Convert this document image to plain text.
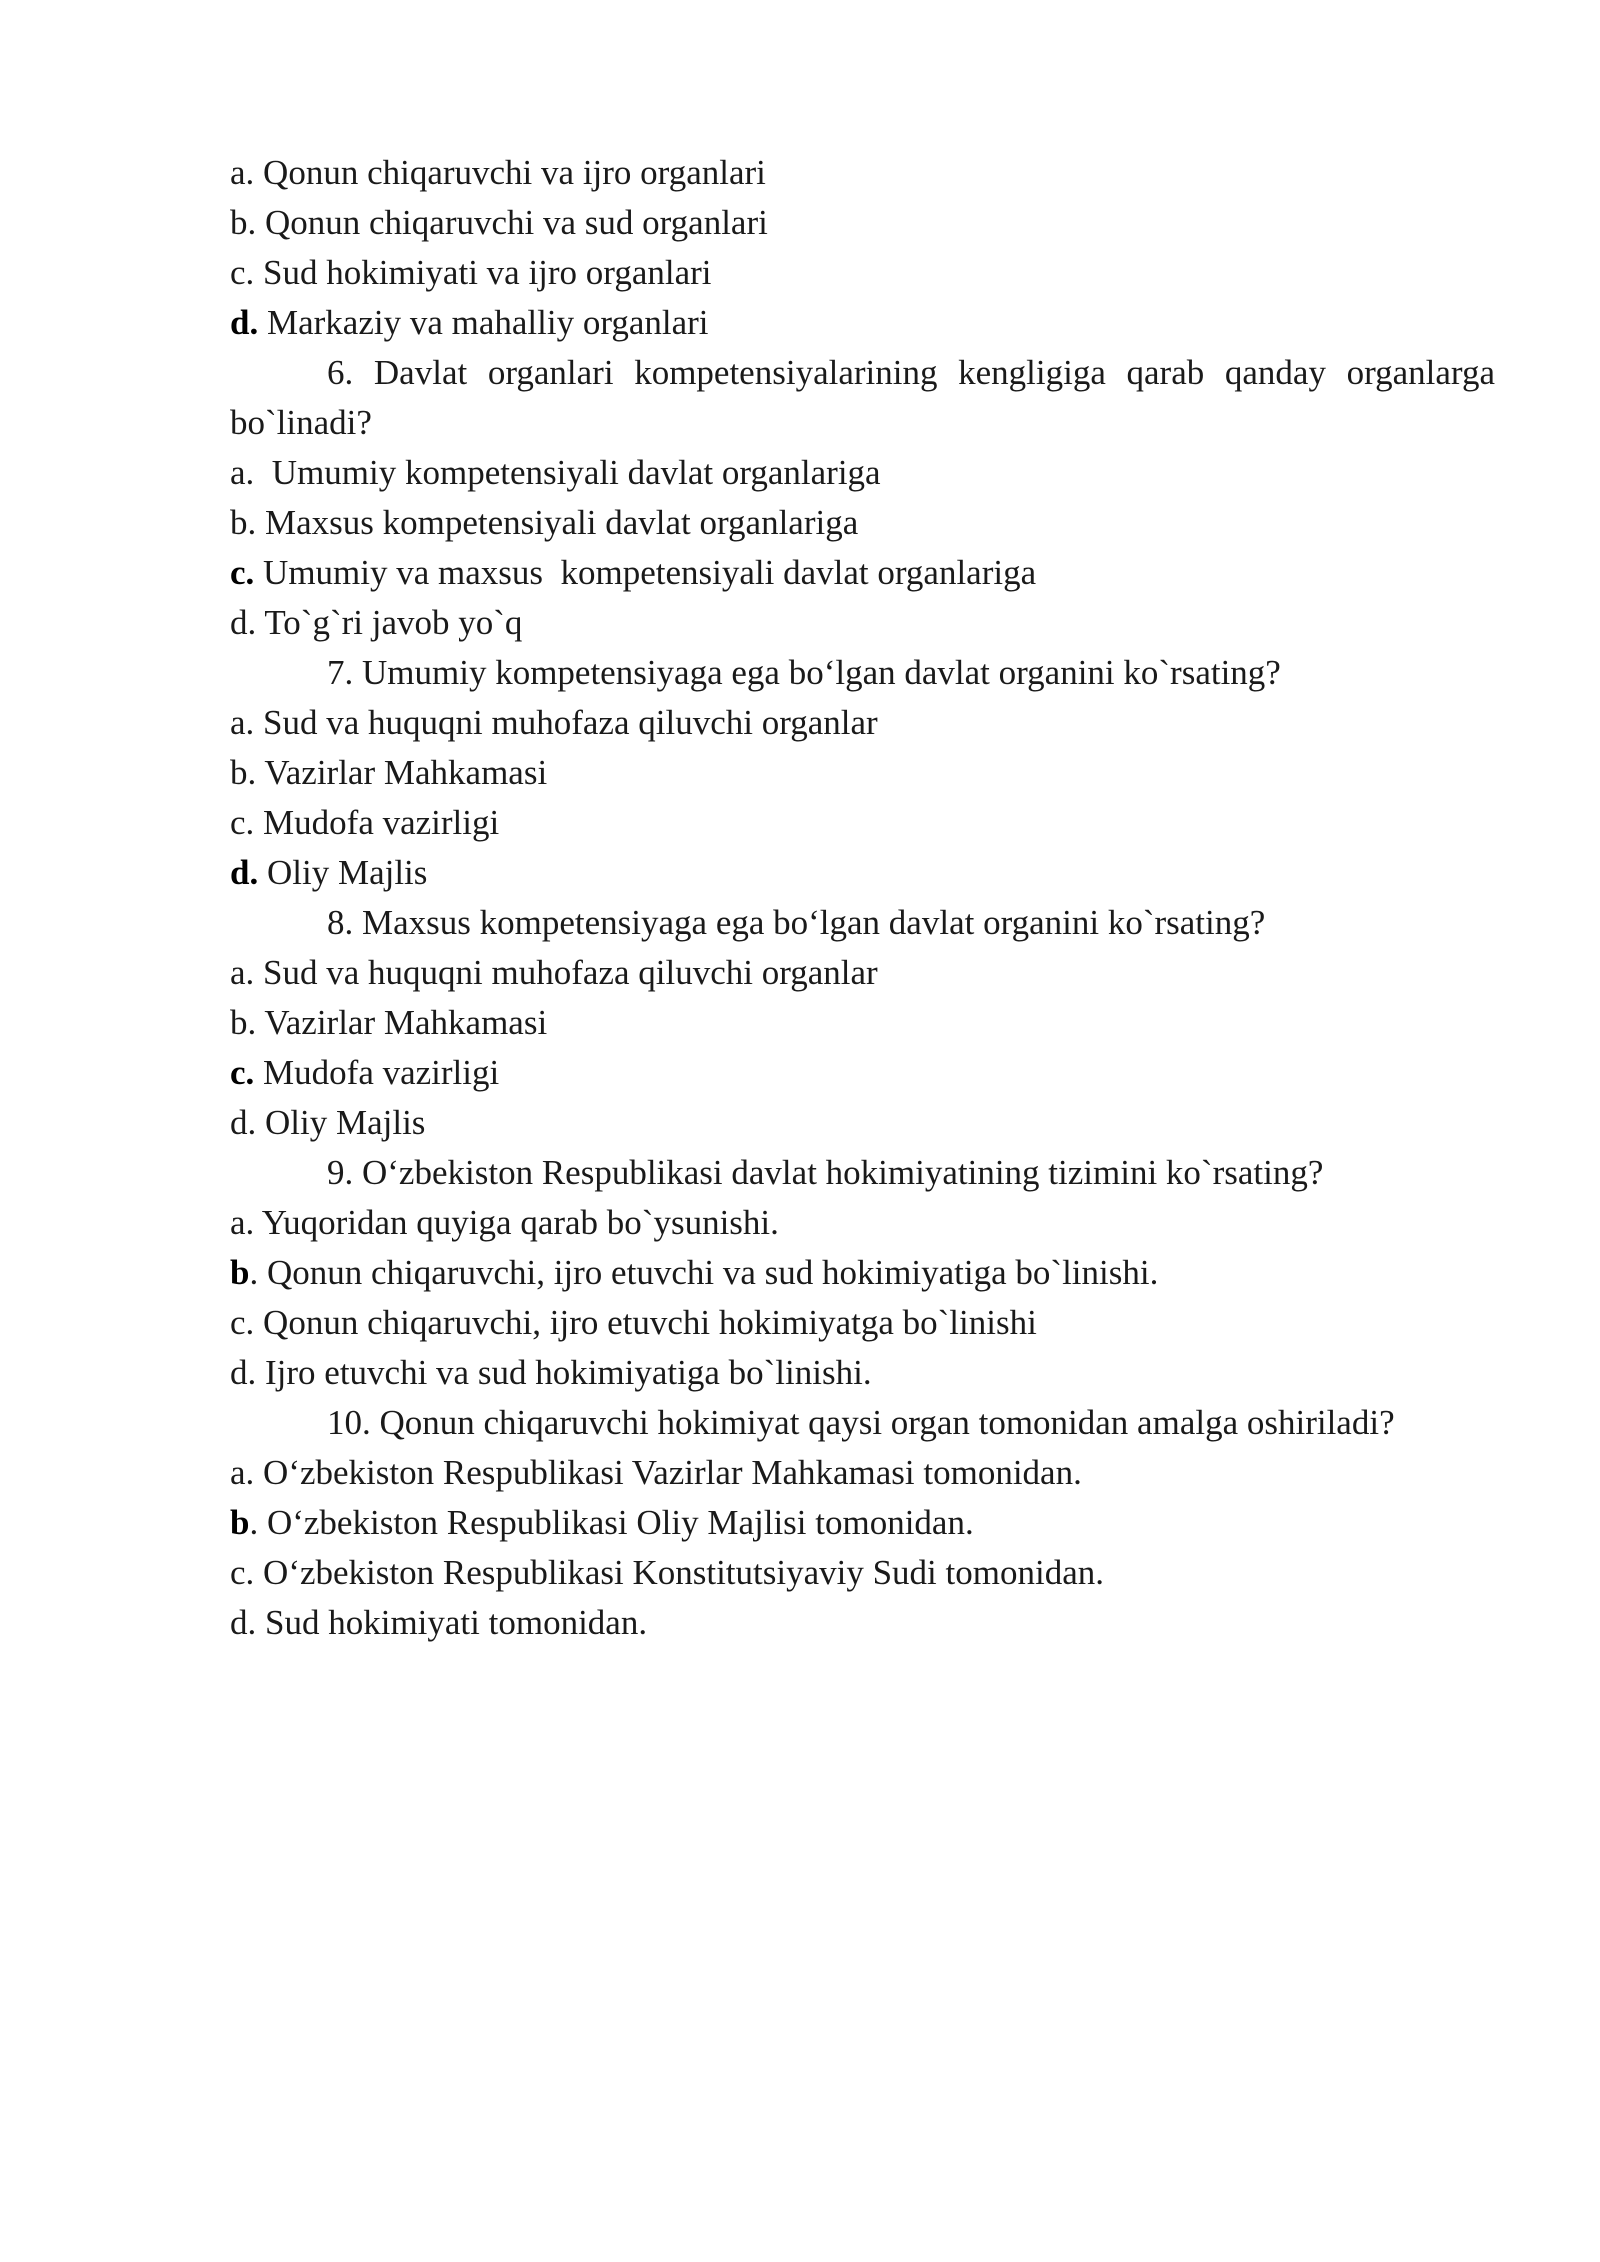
a. Qonun chiqaruvchi va ijro organlari
b. Qonun chiqaruvchi va sud organlari
c. Sud hokimiyati va ijro organlari
d. Markaziy va mahalliy organlari
6. Davlat organlari kompetensiyalarining kengligiga qarab qanday organlarga bo`linadi?
a.  Umumiy kompetensiyali davlat organlariga
b. Maxsus kompetensiyali davlat organlariga
c. Umumiy va maxsus  kompetensiyali davlat organlariga
d. To`g`ri javob yo`q
7. Umumiy kompetensiyaga ega bo‘lgan davlat organini ko`rsating?
a. Sud va huquqni muhofaza qiluvchi organlar
b. Vazirlar Mahkamasi
c. Mudofa vazirligi
d. Oliy Majlis
8. Maxsus kompetensiyaga ega bo‘lgan davlat organini ko`rsating?
a. Sud va huquqni muhofaza qiluvchi organlar
b. Vazirlar Mahkamasi
c. Mudofa vazirligi
d. Oliy Majlis
9. O‘zbekiston Respublikasi davlat hokimiyatining tizimini ko`rsating?
a. Yuqoridan quyiga qarab bo`ysunishi.
b. Qonun chiqaruvchi, ijro etuvchi va sud hokimiyatiga bo`linishi.
c. Qonun chiqaruvchi, ijro etuvchi hokimiyatga bo`linishi
d. Ijro etuvchi va sud hokimiyatiga bo`linishi.
10. Qonun chiqaruvchi hokimiyat qaysi organ tomonidan amalga oshiriladi?
a. O‘zbekiston Respublikasi Vazirlar Mahkamasi tomonidan.
b. O‘zbekiston Respublikasi Oliy Majlisi tomonidan.
c. O‘zbekiston Respublikasi Konstitutsiyaviy Sudi tomonidan.
d. Sud hokimiyati tomonidan.
